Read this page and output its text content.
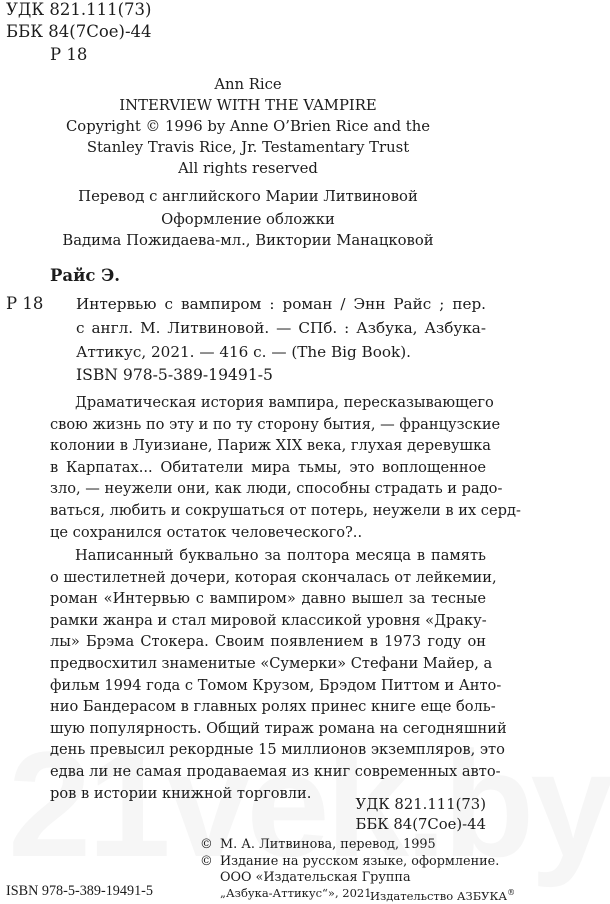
УДК 821.111(73)
ББК 84(7Сое)-44
Р 18
Ann Rice
INTERVIEW WITH THE VAMPIRE
Copyright © 1996 by Anne O’Brien Rice and the
Stanley Travis Rice, Jr. Testamentary Trust
All rights reserved
Перевод с английского Марии Литвиновой
Оформление обложки
Вадима Пожидаева-мл., Виктории Манацковой
Райс Э.
Р 18 Интервью с вампиром : роман / Энн Райс ; пер.
с англ. М. Литвиновой. — СПб. : Азбука, Азбука-
Аттикус, 2021. — 416 с. — (The Big Book).
ISBN 978-5-389-19491-5
Драматическая история вампира, пересказывающего
свою жизнь по эту и по ту сторону бытия, — французские
колонии в Луизиане, Париж XIX века, глухая деревушка
в Карпатах... Обитатели мира тьмы, это воплощенное
зло, — неужели они, как люди, способны страдать и радо-
ваться, любить и сокрушаться от потерь, неужели в их серд-
це сохранился остаток человеческого?..
Написанный буквально за полтора месяца в память
о шестилетней дочери, которая скончалась от лейкемии,
роман «Интервью с вампиром» давно вышел за тесные
рамки жанра и стал мировой классикой уровня «Драку-
лы» Брэма Стокера. Своим появлением в 1973 году он
предвосхитил знаменитые «Сумерки» Стефани Майер, а
фильм 1994 года с Томом Крузом, Брэдом Питтом и Анто-
нио Бандерасом в главных ролях принес книге еще боль-
шую популярность. Общий тираж романа на сегодняшний
день превысил рекордные 15 миллионов экземпляров, это
едва ли не самая продаваемая из книг современных авто-
ров в истории книжной торговли.
УДК 821.111(73)
ББК 84(7Сое)-44
© М. А. Литвинова, перевод, 1995
© Издание на русском языке, оформление.
ООО «Издательская Группа
„Азбука-Аттикус“», 2021
Издательство АЗБУКА®
ISBN 978-5-389-19491-5
